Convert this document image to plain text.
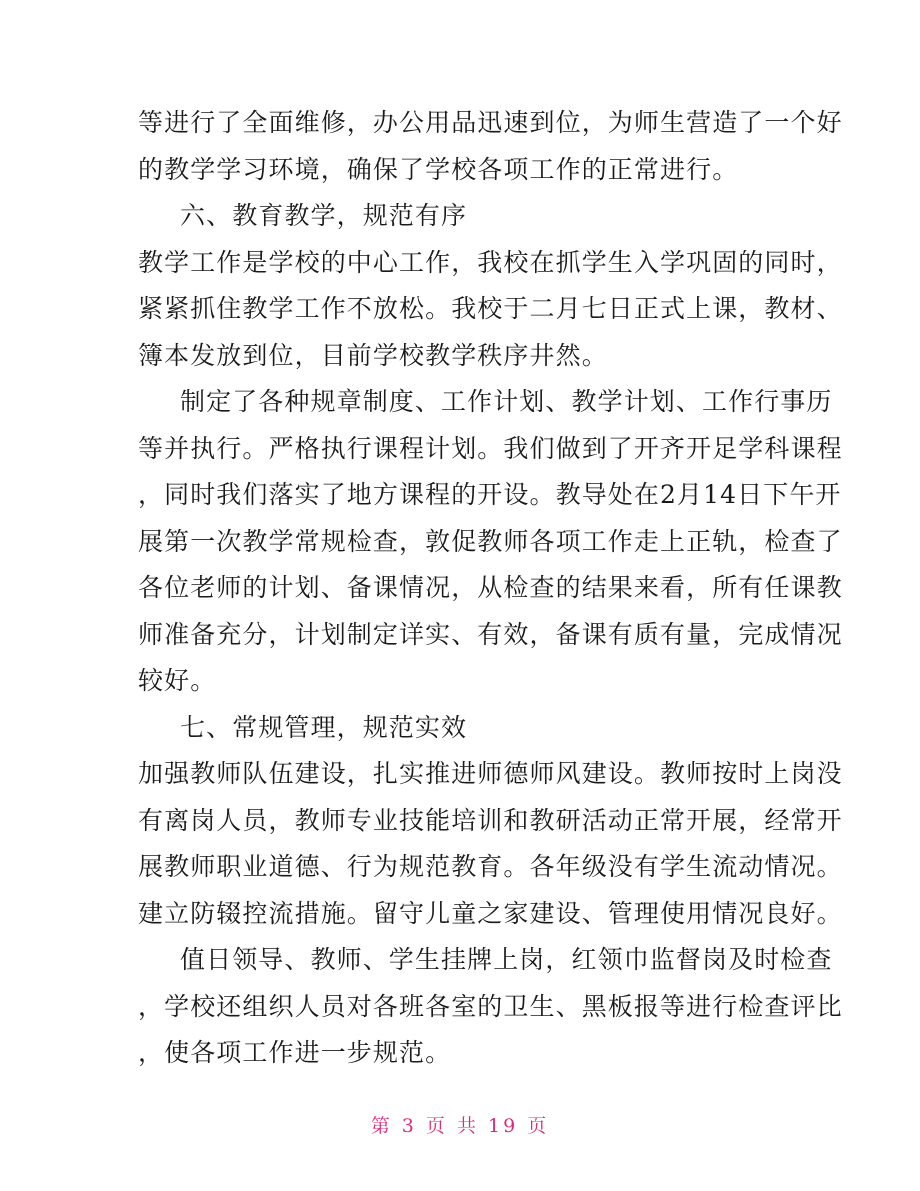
等进行了全面维修，办公用品迅速到位，为师生营造了一个好
的教学学习环境，确保了学校各项工作的正常进行。
六、教育教学，规范有序
教学工作是学校的中心工作，我校在抓学生入学巩固的同时，
紧紧抓住教学工作不放松。我校于二月七日正式上课，教材、
簿本发放到位，目前学校教学秩序井然。
制定了各种规章制度、工作计划、教学计划、工作行事历
等并执行。严格执行课程计划。我们做到了开齐开足学科课程
，同时我们落实了地方课程的开设。教导处在2月14日下午开
展第一次教学常规检查，敦促教师各项工作走上正轨，检查了
各位老师的计划、备课情况，从检查的结果来看，所有任课教
师准备充分，计划制定详实、有效，备课有质有量，完成情况
较好。
七、常规管理，规范实效
加强教师队伍建设，扎实推进师德师风建设。教师按时上岗没
有离岗人员，教师专业技能培训和教研活动正常开展，经常开
展教师职业道德、行为规范教育。各年级没有学生流动情况。
建立防辍控流措施。留守儿童之家建设、管理使用情况良好。
值日领导、教师、学生挂牌上岗，红领巾监督岗及时检查
，学校还组织人员对各班各室的卫生、黑板报等进行检查评比
，使各项工作进一步规范。
第 3 页 共 19 页
